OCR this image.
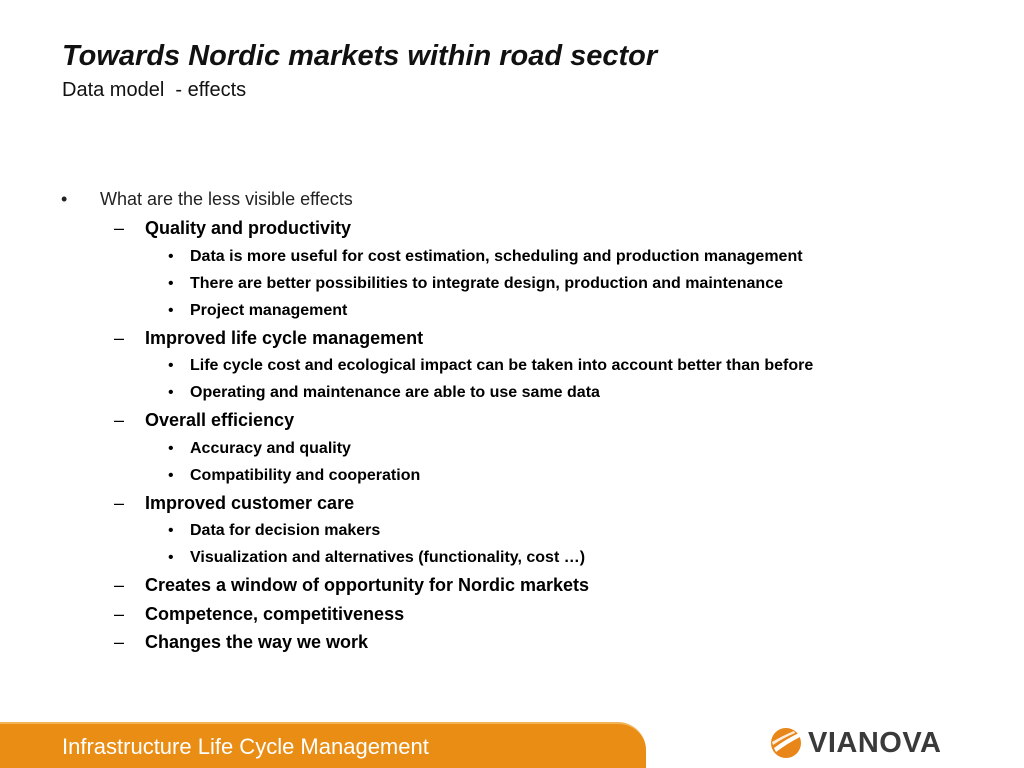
Towards Nordic markets within road sector
Data model  - effects
• What are the less visible effects
– Quality and productivity
• Data is more useful for cost estimation, scheduling and production management
• There are better possibilities to integrate design, production and maintenance
• Project management
– Improved life cycle management
• Life cycle cost and ecological impact can be taken into account better than before
• Operating and maintenance are able to use same data
– Overall efficiency
• Accuracy and quality
• Compatibility and cooperation
– Improved customer care
• Data for decision makers
• Visualization and alternatives (functionality, cost …)
– Creates a window of opportunity for Nordic markets
– Competence, competitiveness
– Changes the way we work
Infrastructure Life Cycle Management	VIANOVA
